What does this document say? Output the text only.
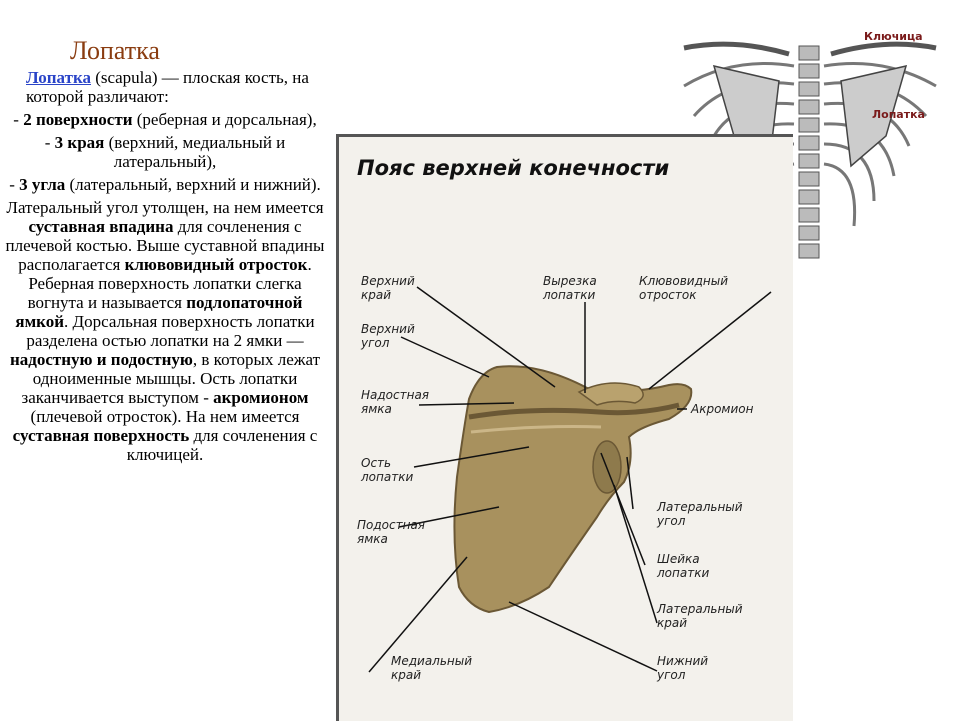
Лопатка

Лопатка (scapula) — плоская кость, на которой различают:

- 2 поверхности (реберная и дорсальная),

- 3 края (верхний, медиальный и латеральный),

- 3 угла (латеральный, верхний и нижний).

Латеральный угол утолщен, на нем имеется суставная впадина для сочленения с плечевой костью. Выше суставной впадины располагается клювовидный отросток. Реберная поверхность лопатки слегка вогнута и называется подлопаточной ямкой. Дорсальная поверхность лопатки разделена остью лопатки на 2 ямки — надостную и подостную, в которых лежат одноименные мышцы. Ость лопатки заканчивается выступом - акромионом (плечевой отросток). На нем имеется суставная поверхность для сочленения с ключицей.

Ключица
Лопатка
Пояс верхней конечности
Верхний
край
Вырезка
лопатки
Клювовидный
отросток
Верхний
угол
Надостная
ямка	Акромион
Ость
лопатки
Латеральный
угол
Подостная
ямка
Шейка
лопатки
Латеральный
край
Медиальный
край
Нижний
угол
